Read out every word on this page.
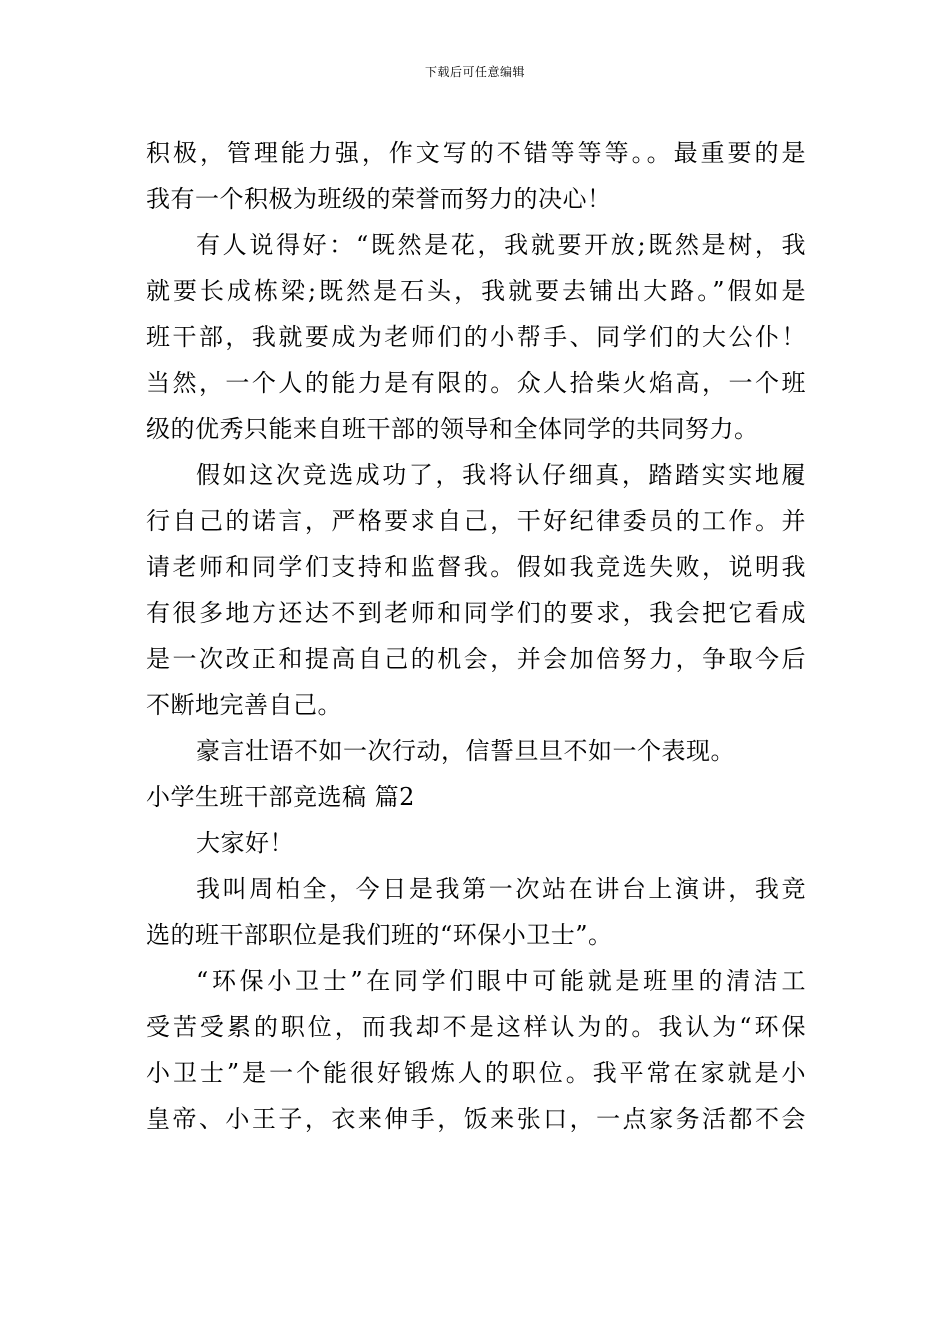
下载后可任意编辑
积极，管理能力强，作文写的不错等等等。。最重要的是
我有一个积极为班级的荣誉而努力的决心！
有人说得好：“既然是花，我就要开放;既然是树，我
就要长成栋梁;既然是石头，我就要去铺出大路。”假如是
班干部，我就要成为老师们的小帮手、同学们的大公仆！
当然，一个人的能力是有限的。众人拾柴火焰高，一个班
级的优秀只能来自班干部的领导和全体同学的共同努力。
假如这次竞选成功了，我将认仔细真，踏踏实实地履
行自己的诺言，严格要求自己，干好纪律委员的工作。并
请老师和同学们支持和监督我。假如我竞选失败，说明我
有很多地方还达不到老师和同学们的要求，我会把它看成
是一次改正和提高自己的机会，并会加倍努力，争取今后
不断地完善自己。
豪言壮语不如一次行动，信誓旦旦不如一个表现。
小学生班干部竞选稿 篇2
大家好！
我叫周柏全，今日是我第一次站在讲台上演讲，我竞
选的班干部职位是我们班的“环保小卫士”。
“环保小卫士”在同学们眼中可能就是班里的清洁工
受苦受累的职位，而我却不是这样认为的。我认为“环保
小卫士”是一个能很好锻炼人的职位。我平常在家就是小
皇帝、小王子，衣来伸手，饭来张口，一点家务活都不会
